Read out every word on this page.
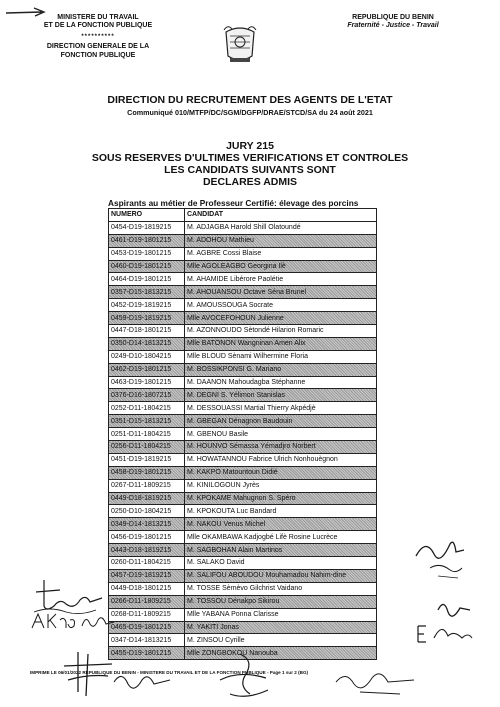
MINISTERE DU TRAVAIL
ET DE LA FONCTION PUBLIQUE
**********
DIRECTION GENERALE DE LA
FONCTION PUBLIQUE
REPUBLIQUE DU BENIN
Fraternité - Justice - Travail
DIRECTION DU RECRUTEMENT DES AGENTS DE L'ETAT
Communiqué 010/MTFP/DC/SGM/DGFP/DRAE/STCD/SA du 24 août 2021
JURY 215
SOUS RESERVES D'ULTIMES VERIFICATIONS ET CONTROLES
LES CANDIDATS SUIVANTS SONT
DECLARES ADMIS
Aspirants au métier de Professeur Certifié: élevage des porcins
NUMERO	CANDIDAT
0454-D19-1819215	M. ADJAGBA Harold Shill Olatoundé
0461-D19-1801215	M. ADOHOU Mathieu
0453-D19-1801215	M. AGBRE Cossi Blaise
0460-D19-1801215	Mlle AGOLEAGBO Georgina Ilè
0464-D19-1801215	M. AHAMIDE Libérore Paolétie
0357-D15-1813215	M. AHOUANSOU Octave Séna Brunel
0452-D19-1819215	M. AMOUSSOUGA Socrate
0459-D19-1819215	Mlle AVOCEFOHOUN Julienne
0447-D18-1801215	M. AZONNOUDO Sètondé Hilarion Romaric
0350-D14-1813215	Mlle BATONON Wangninan Amen Alix
0249-D10-1804215	Mlle BLOUD Sènami Wilhermine Floria
0462-D19-1801215	M. BOSSIKPONSI G. Mariano
0463-D19-1801215	M. DAANON Mahoudagba Stéphanne
0376-D16-1807215	M. DEGNI S. Yélimon Stanislas
0252-D11-1804215	M. DESSOUASSI Martial Thierry Akpédjè
0351-D15-1813215	M. GBEGAN Dénagnon Baudouin
0251-D11-1804215	M. GBENOU Basile
0256-D11-1804215	M. HOUNVO Sémassa Yémadjro Norbert
0451-D19-1819215	M. HOWATANNOU Fabrice Ulrich Nonhouègnon
0458-D19-1801215	M. KAKPO Matountoun Didié
0267-D11-1809215	M. KINILOGOUN Jyrès
0449-D18-1819215	M. KPOKAME Mahugnon S. Spéro
0250-D10-1804215	M. KPOKOUTA Luc Bandard
0349-D14-1813215	M. NAKOU Venus Michel
0456-D19-1801215	Mlle OKAMBAWA Kadjogbé Lifè Rosine Lucrèce
0443-D18-1819215	M. SAGBOHAN Alain Martinos
0260-D11-1804215	M. SALAKO David
0457-D19-1819215	M. SALIFOU ABOUDOU Mouhamadou Nahim-dine
0449-D18-1801215	M. TOSSE Sèmèvo Gilchrist Vaidano
0266-D11-1809215	M. TOSSOU Dénakpo Sikirou
0268-D11-1809215	Mlle YABANA Ponna Clarisse
0465-D19-1801215	M. YAKITI Jonas
0347-D14-1813215	M. ZINSOU Cyrille
0455-D19-1801215	Mlle ZONGBOKOU Nanouba
IMPRIME LE 06/01/2022 REPUBLIQUE DU BENIN - MINISTERE DU TRAVAIL ET DE LA FONCTION PUBLIQUE - Page 1 sur 2 (BG)
